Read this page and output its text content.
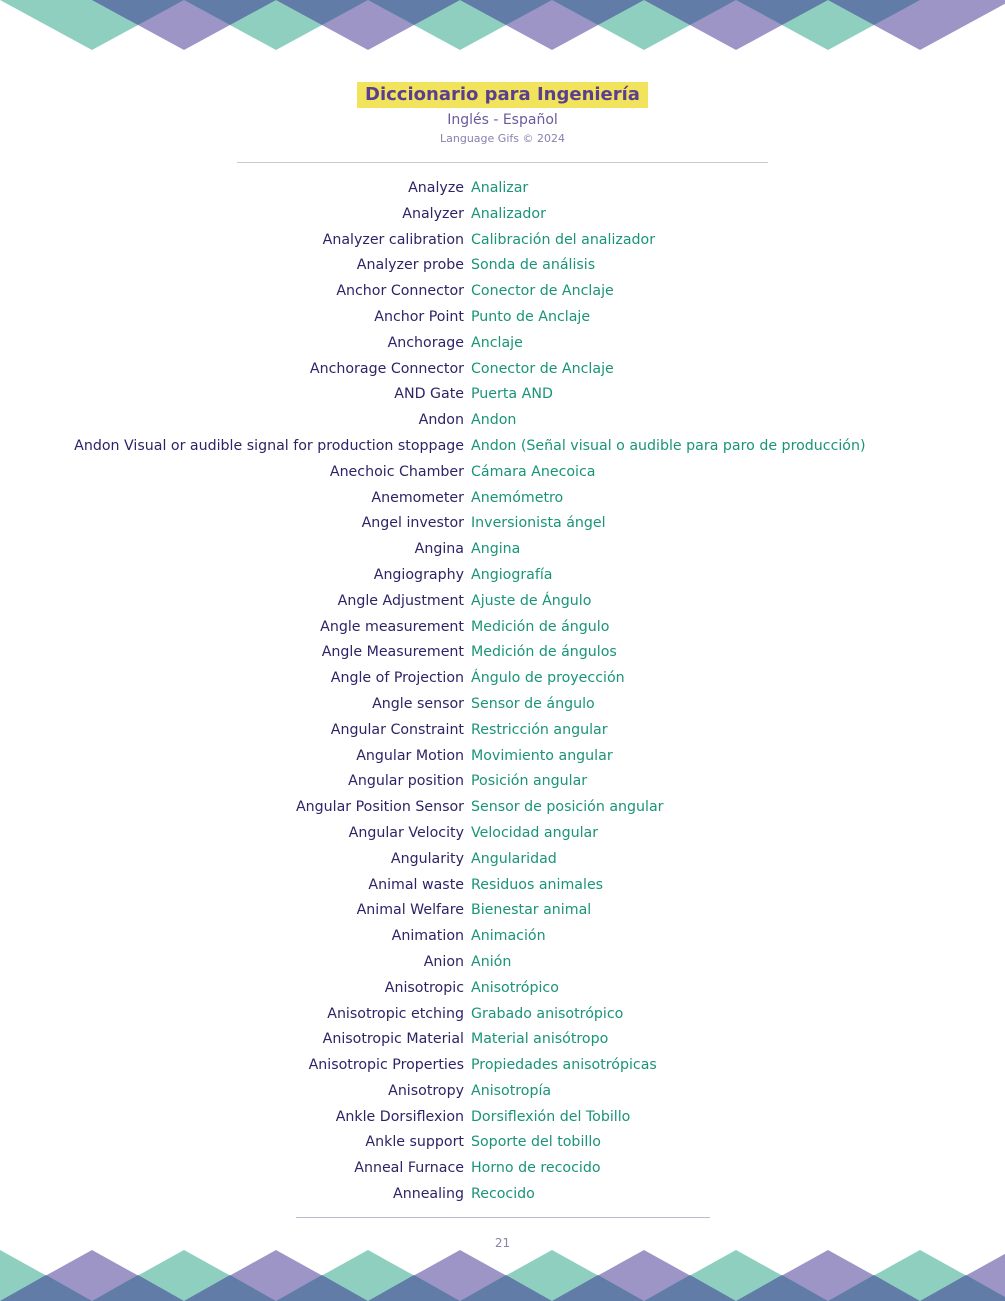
Diccionario para Ingeniería
Inglés - Español
Language Gifs © 2024
Analyze Analizar
Analyzer Analizador
Analyzer calibration Calibración del analizador
Analyzer probe Sonda de análisis
Anchor Connector Conector de Anclaje
Anchor Point Punto de Anclaje
Anchorage Anclaje
Anchorage Connector Conector de Anclaje
AND Gate Puerta AND
Andon Andon
Andon Visual or audible signal for production stoppage Andon (Señal visual o audible para paro de producción)
Anechoic Chamber Cámara Anecoica
Anemometer Anemómetro
Angel investor Inversionista ángel
Angina Angina
Angiography Angiografía
Angle Adjustment Ajuste de Ángulo
Angle measurement Medición de ángulo
Angle Measurement Medición de ángulos
Angle of Projection Ángulo de proyección
Angle sensor Sensor de ángulo
Angular Constraint Restricción angular
Angular Motion Movimiento angular
Angular position Posición angular
Angular Position Sensor Sensor de posición angular
Angular Velocity Velocidad angular
Angularity Angularidad
Animal waste Residuos animales
Animal Welfare Bienestar animal
Animation Animación
Anion Anión
Anisotropic Anisotrópico
Anisotropic etching Grabado anisotrópico
Anisotropic Material Material anisótropo
Anisotropic Properties Propiedades anisotrópicas
Anisotropy Anisotropía
Ankle Dorsiflexion Dorsiflexión del Tobillo
Ankle support Soporte del tobillo
Anneal Furnace Horno de recocido
Annealing Recocido
21
